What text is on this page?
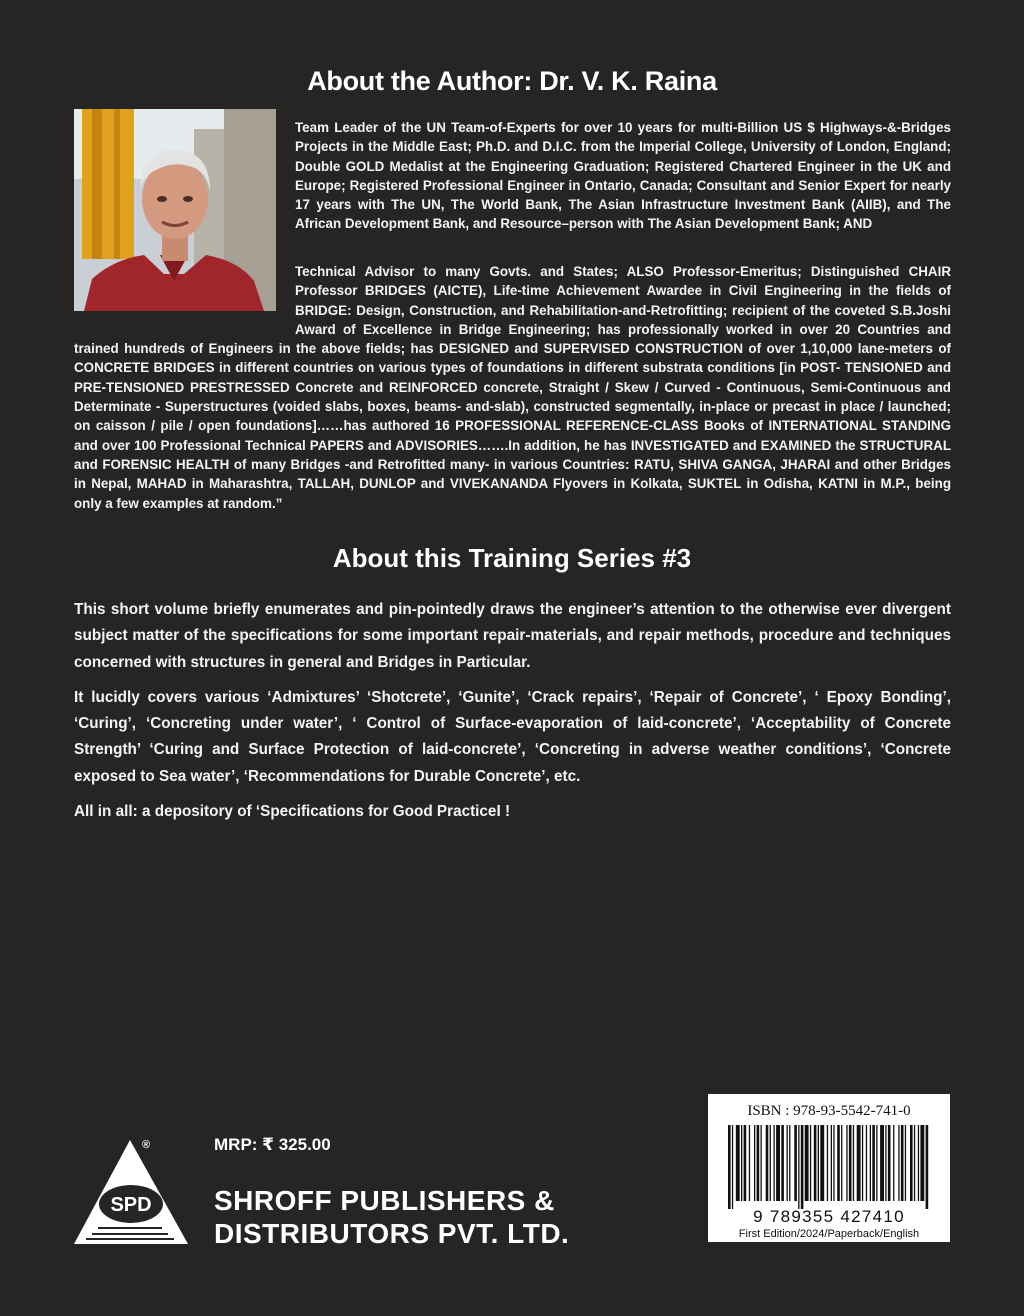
About the Author: Dr. V. K. Raina

Team Leader of the UN Team-of-Experts for over 10 years for multi-Billion US $ Highways-&-Bridges Projects in the Middle East; Ph.D. and D.I.C. from the Imperial College, University of London, England; Double GOLD Medalist at the Engineering Graduation; Registered Chartered Engineer in the UK and Europe; Registered Professional Engineer in Ontario, Canada; Consultant and Senior Expert for nearly 17 years with The UN, The World Bank, The Asian Infrastructure Investment Bank (AIIB), and The African Development Bank, and Resource–person with The Asian Development Bank; AND

Technical Advisor to many Govts. and States; ALSO Professor-Emeritus; Distinguished CHAIR Professor BRIDGES (AICTE), Life-time Achievement Awardee in Civil Engineering in the fields of BRIDGE: Design, Construction, and Rehabilitation-and-Retrofitting; recipient of the coveted S.B.Joshi Award of Excellence in Bridge Engineering; has professionally worked in over 20 Countries and trained hundreds of Engineers in the above fields; has DESIGNED and SUPERVISED CONSTRUCTION of over 1,10,000 lane-meters of CONCRETE BRIDGES in different countries on various types of foundations in different substrata conditions [in POST- TENSIONED and PRE-TENSIONED PRESTRESSED Concrete and REINFORCED concrete, Straight / Skew / Curved - Continuous, Semi-Continuous and Determinate - Superstructures (voided slabs, boxes, beams- and-slab), constructed segmentally, in-place or precast in place / launched; on caisson / pile / open foundations]……has authored 16 PROFESSIONAL REFERENCE-CLASS Books of INTERNATIONAL STANDING and over 100 Professional Technical PAPERS and ADVISORIES…….In addition, he has INVESTIGATED and EXAMINED the STRUCTURAL and FORENSIC HEALTH of many Bridges -and Retrofitted many- in various Countries: RATU, SHIVA GANGA, JHARAI and other Bridges in Nepal, MAHAD in Maharashtra, TALLAH, DUNLOP and VIVEKANANDA Flyovers in Kolkata, SUKTEL in Odisha, KATNI in M.P., being only a few examples at random.”

About this Training Series #3

This short volume briefly enumerates and pin-pointedly draws the engineer’s attention to the otherwise ever divergent subject matter of the specifications for some important repair-materials, and repair methods, procedure and techniques concerned with structures in general and Bridges in Particular.

It lucidly covers various ‘Admixtures’ ‘Shotcrete’, ‘Gunite’, ‘Crack repairs’, ‘Repair of Concrete’, ‘ Epoxy Bonding’, ‘Curing’, ‘Concreting under water’, ‘ Control of Surface-evaporation of laid-concrete’, ‘Acceptability of Concrete Strength’ ‘Curing and Surface Protection of laid-concrete’, ‘Concreting in adverse weather conditions’, ‘Concrete exposed to Sea water’, ‘Recommendations for Durable Concrete’, etc.

All in all: a depository of ‘Specifications for Good PracticeI !

SPD
®	MRP: ₹ 325.00
SHROFF PUBLISHERS &
DISTRIBUTORS PVT. LTD.
ISBN : 978-93-5542-741-0
9 789355 427410
First Edition/2024/Paperback/English
